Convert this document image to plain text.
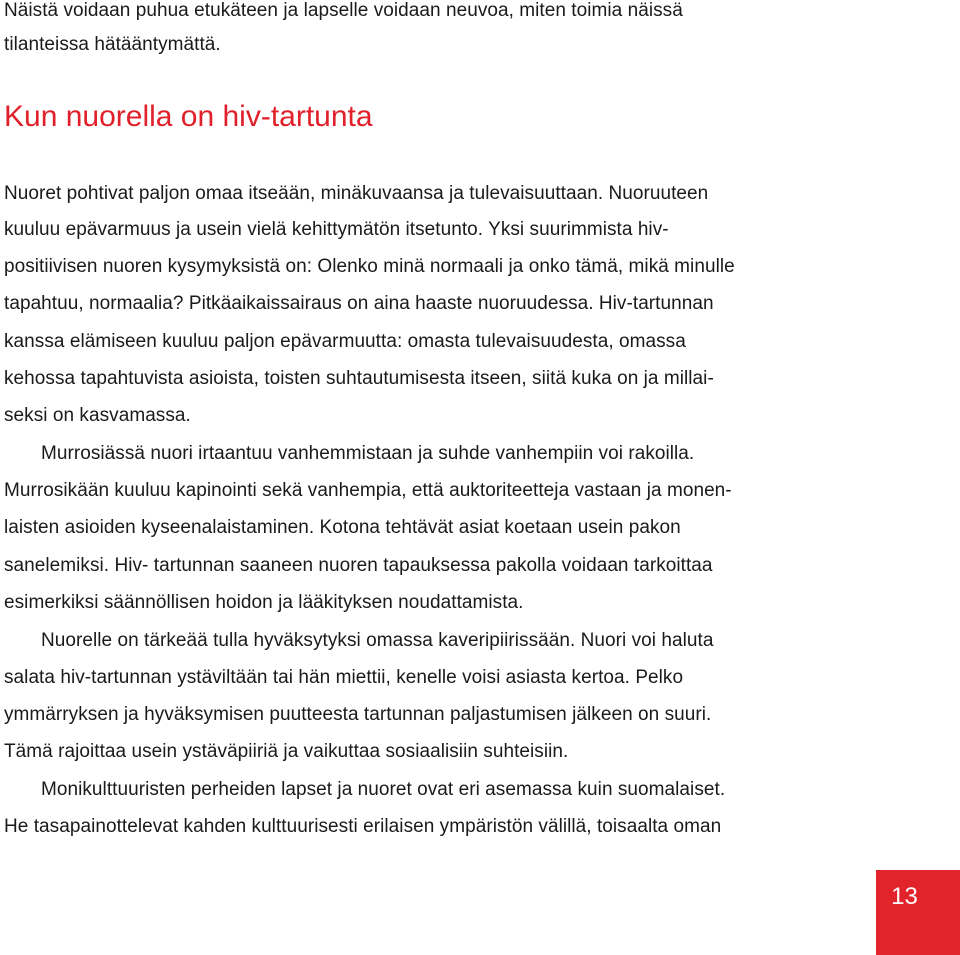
Näistä voidaan puhua etukäteen ja lapselle voidaan neuvoa, miten toimia näissä
tilanteissa hätääntymättä.
Kun nuorella on hiv-tartunta
Nuoret pohtivat paljon omaa itseään, minäkuvaansa ja tulevaisuuttaan. Nuoruuteen
kuuluu epävarmuus ja usein vielä kehittymätön itsetunto. Yksi suurimmista hiv-
positiivisen nuoren kysymyksistä on: Olenko minä normaali ja onko tämä, mikä minulle
tapahtuu, normaalia? Pitkäaikaissairaus on aina haaste nuoruudessa. Hiv-tartunnan
kanssa elämiseen kuuluu paljon epävarmuutta: omasta tulevaisuudesta, omassa
kehossa tapahtuvista asioista, toisten suhtautumisesta itseen, siitä kuka on ja millai-
seksi on kasvamassa.
Murrosiässä nuori irtaantuu vanhemmistaan ja suhde vanhempiin voi rakoilla.
Murrosikään kuuluu kapinointi sekä vanhempia, että auktoriteetteja vastaan ja monen-
laisten asioiden kyseenalaistaminen. Kotona tehtävät asiat koetaan usein pakon
sanelemiksi. Hiv- tartunnan saaneen nuoren tapauksessa pakolla voidaan tarkoittaa
esimerkiksi säännöllisen hoidon ja lääkityksen noudattamista.
Nuorelle on tärkeää tulla hyväksytyksi omassa kaveripiirissään. Nuori voi haluta
salata hiv-tartunnan ystäviltään tai hän miettii, kenelle voisi asiasta kertoa. Pelko
ymmärryksen ja hyväksymisen puutteesta tartunnan paljastumisen jälkeen on suuri.
Tämä rajoittaa usein ystäväpiiriä ja vaikuttaa sosiaalisiin suhteisiin.
Monikulttuuristen perheiden lapset ja nuoret ovat eri asemassa kuin suomalaiset.
He tasapainottelevat kahden kulttuurisesti erilaisen ympäristön välillä, toisaalta oman
13
